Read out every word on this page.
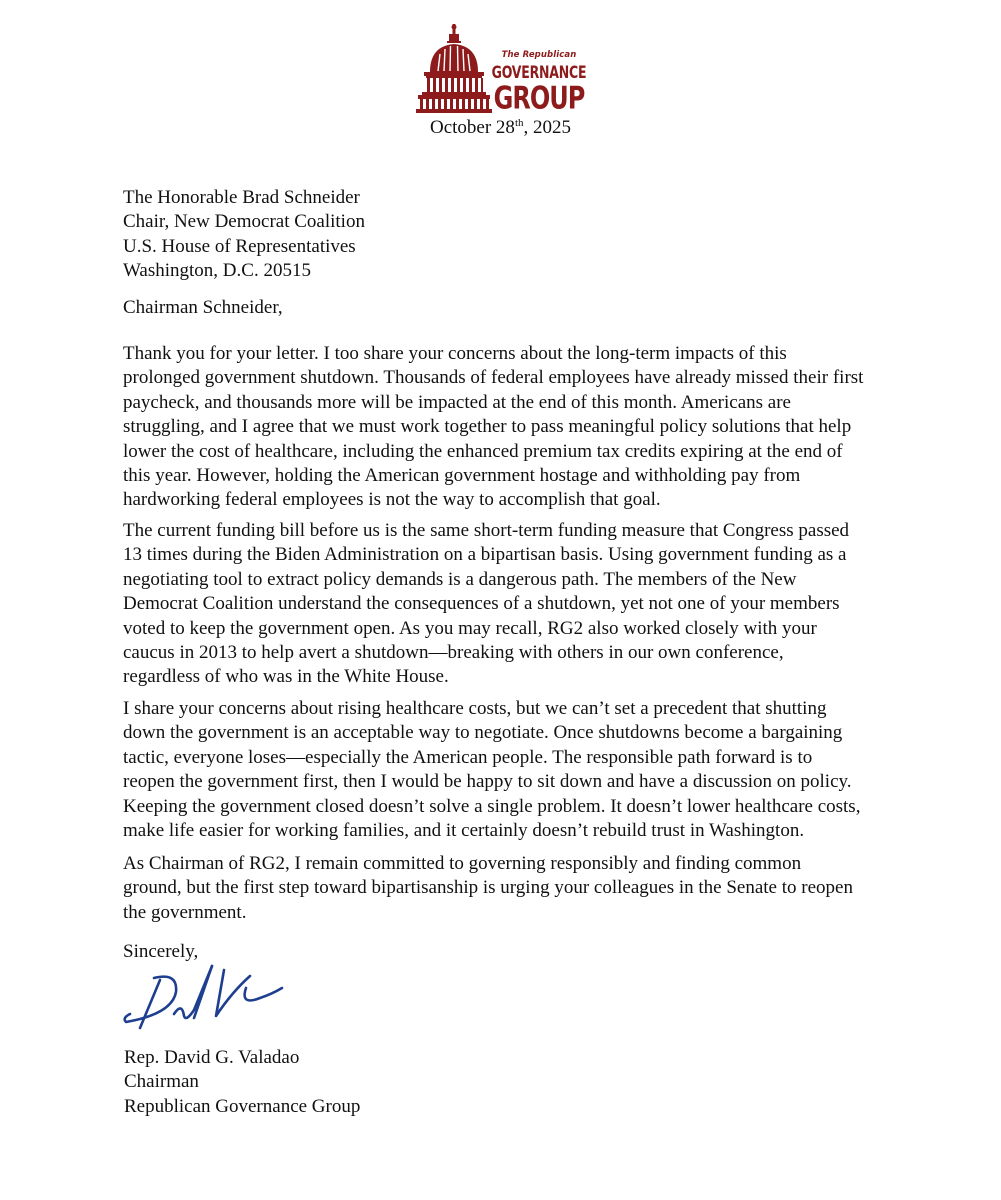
The Republican
GOVERNANCE
GROUP
October 28th, 2025
The Honorable Brad Schneider
Chair, New Democrat Coalition
U.S. House of Representatives
Washington, D.C. 20515
Chairman Schneider,
Thank you for your letter. I too share your concerns about the long-term impacts of this
prolonged government shutdown. Thousands of federal employees have already missed their first
paycheck, and thousands more will be impacted at the end of this month. Americans are
struggling, and I agree that we must work together to pass meaningful policy solutions that help
lower the cost of healthcare, including the enhanced premium tax credits expiring at the end of
this year. However, holding the American government hostage and withholding pay from
hardworking federal employees is not the way to accomplish that goal.
The current funding bill before us is the same short-term funding measure that Congress passed
13 times during the Biden Administration on a bipartisan basis. Using government funding as a
negotiating tool to extract policy demands is a dangerous path. The members of the New
Democrat Coalition understand the consequences of a shutdown, yet not one of your members
voted to keep the government open. As you may recall, RG2 also worked closely with your
caucus in 2013 to help avert a shutdown—breaking with others in our own conference,
regardless of who was in the White House.
I share your concerns about rising healthcare costs, but we can’t set a precedent that shutting
down the government is an acceptable way to negotiate. Once shutdowns become a bargaining
tactic, everyone loses—especially the American people. The responsible path forward is to
reopen the government first, then I would be happy to sit down and have a discussion on policy.
Keeping the government closed doesn’t solve a single problem. It doesn’t lower healthcare costs,
make life easier for working families, and it certainly doesn’t rebuild trust in Washington.
As Chairman of RG2, I remain committed to governing responsibly and finding common
ground, but the first step toward bipartisanship is urging your colleagues in the Senate to reopen
the government.
Sincerely,
Rep. David G. Valadao
Chairman
Republican Governance Group
